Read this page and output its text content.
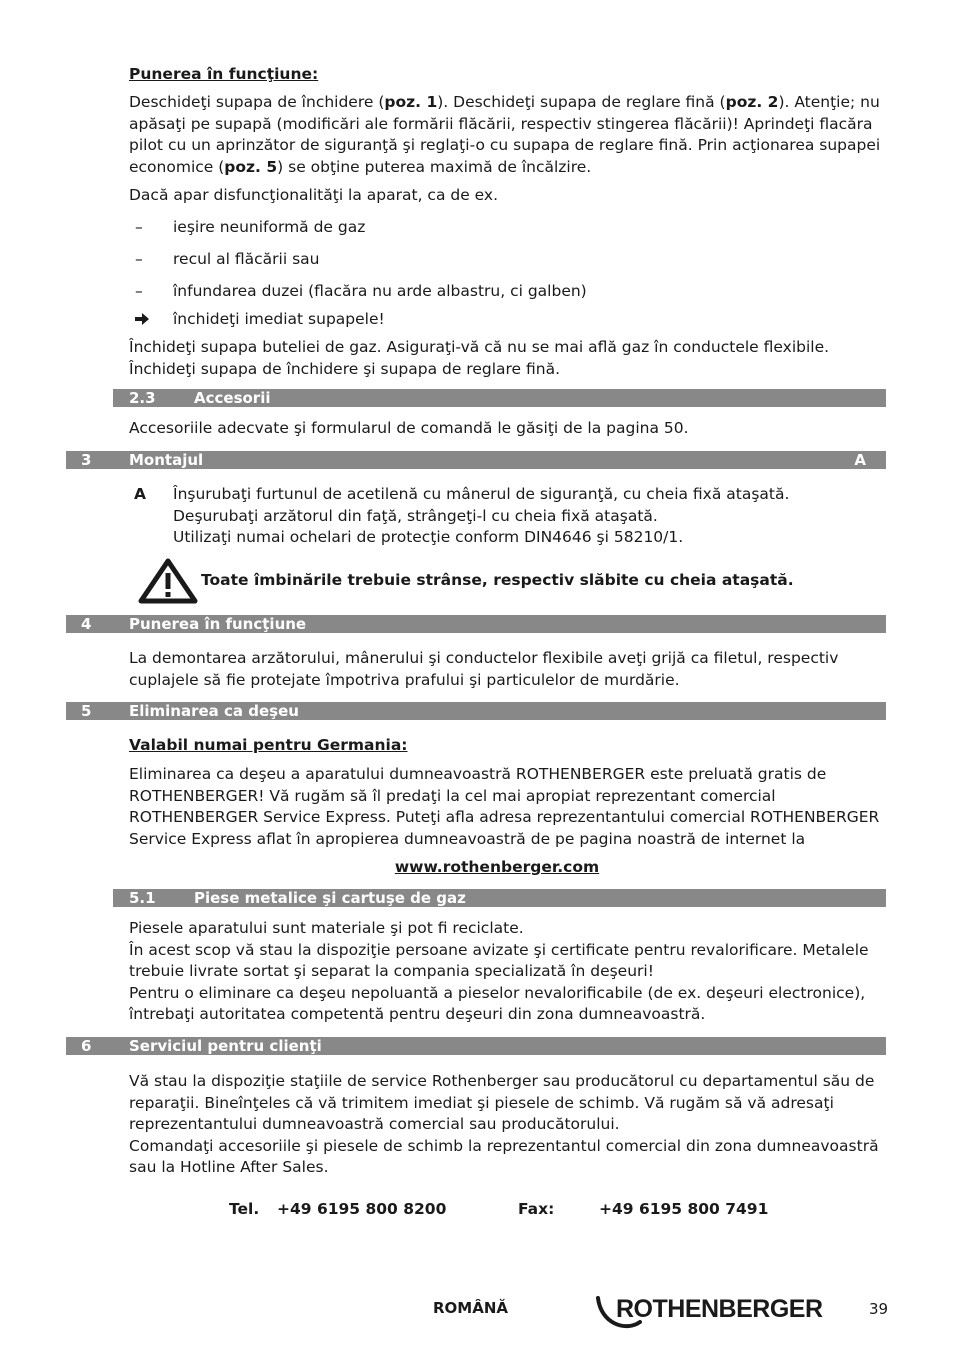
Punerea în funcţiune:
Deschideţi supapa de închidere (poz. 1). Deschideţi supapa de reglare fină (poz. 2). Atenţie; nu apăsaţi pe supapă (modificări ale formării flăcării, respectiv stingerea flăcării)! Aprindeţi flacăra pilot cu un aprinzător de siguranţă şi reglaţi-o cu supapa de reglare fină. Prin acţionarea supapei economice (poz. 5) se obţine puterea maximă de încălzire.
Dacă apar disfuncţionalităţi la aparat, ca de ex.
– ieşire neuniformă de gaz
– recul al flăcării sau
– înfundarea duzei (flacăra nu arde albastru, ci galben)
închideţi imediat supapele!
Închideţi supapa buteliei de gaz. Asiguraţi-vă că nu se mai află gaz în conductele flexibile. Închideţi supapa de închidere şi supapa de reglare fină.
2.3	Accesorii
Accesoriile adecvate şi formularul de comandă le găsiţi de la pagina 50.
3	Montajul	A
A Înşurubaţi furtunul de acetilenă cu mânerul de siguranţă, cu cheia fixă ataşată.
Deşurubaţi arzătorul din faţă, strângeţi-l cu cheia fixă ataşată.
Utilizaţi numai ochelari de protecţie conform DIN4646 şi 58210/1.
Toate îmbinările trebuie strânse, respectiv slăbite cu cheia ataşată.
4	Punerea în funcţiune
La demontarea arzătorului, mânerului şi conductelor flexibile aveţi grijă ca filetul, respectiv cuplajele să fie protejate împotriva prafului şi particulelor de murdărie.
5	Eliminarea ca deşeu
Valabil numai pentru Germania:
Eliminarea ca deşeu a aparatului dumneavoastră ROTHENBERGER este preluată gratis de ROTHENBERGER! Vă rugăm să îl predaţi la cel mai apropiat reprezentant comercial ROTHENBERGER Service Express. Puteţi afla adresa reprezentantului comercial ROTHENBERGER Service Express aflat în apropierea dumneavoastră de pe pagina noastră de internet la
www.rothenberger.com
5.1	Piese metalice şi cartuşe de gaz
Piesele aparatului sunt materiale şi pot fi reciclate.
În acest scop vă stau la dispoziţie persoane avizate şi certificate pentru revalorificare. Metalele trebuie livrate sortat şi separat la compania specializată în deşeuri!
Pentru o eliminare ca deşeu nepoluantă a pieselor nevalorificabile (de ex. deşeuri electronice), întrebaţi autoritatea competentă pentru deşeuri din zona dumneavoastră.
6	Serviciul pentru clienţi
Vă stau la dispoziţie staţiile de service Rothenberger sau producătorul cu departamentul său de reparaţii. Bineînţeles că vă trimitem imediat şi piesele de schimb. Vă rugăm să vă adresaţi reprezentantului dumneavoastră comercial sau producătorului.
Comandaţi accesoriile şi piesele de schimb la reprezentantul comercial din zona dumneavoastră sau la Hotline After Sales.
Tel. +49 6195 800 8200	Fax:	+49 6195 800 7491
ROMÂNĂ	ROTHENBERGER	39
